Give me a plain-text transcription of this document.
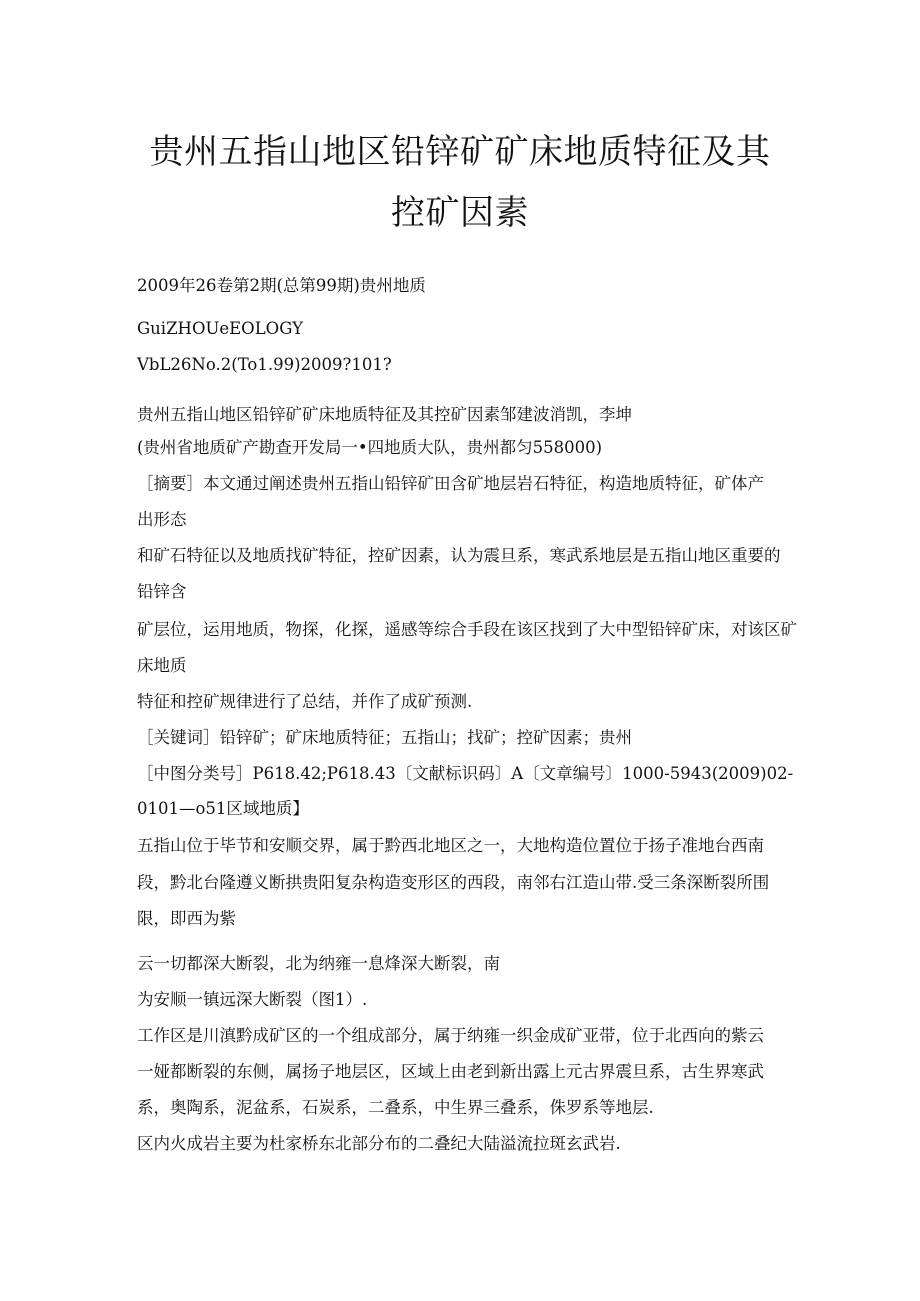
贵州五指山地区铅锌矿矿床地质特征及其
控矿因素
2009年26卷第2期(总第99期)贵州地质
GuiZHOUeEOLOGY
VbL26No.2(To1.99)2009?101?
贵州五指山地区铅锌矿矿床地质特征及其控矿因素邹建波消凯，李坤
(贵州省地质矿产勘查开发局一•四地质大队，贵州都匀558000)
［摘要］本文通过阐述贵州五指山铅锌矿田含矿地层岩石特征，构造地质特征，矿体产
出形态
和矿石特征以及地质找矿特征，控矿因素，认为震旦系，寒武系地层是五指山地区重要的
铅锌含
矿层位，运用地质，物探，化探，遥感等综合手段在该区找到了大中型铅锌矿床，对该区矿
床地质
特征和控矿规律进行了总结，并作了成矿预测.
［关键词］铅锌矿；矿床地质特征；五指山；找矿；控矿因素；贵州
［中图分类号］P618.42;P618.43〔文献标识码〕A〔文章编号〕1000-5943(2009)02-
0101—o51区域地质】
五指山位于毕节和安顺交界，属于黔西北地区之一，大地构造位置位于扬子准地台西南
段，黔北台隆遵义断拱贵阳复杂构造变形区的西段，南邻右江造山带.受三条深断裂所围
限，即西为紫
云一切都深大断裂，北为纳雍一息烽深大断裂，南
为安顺一镇远深大断裂（图1）.
工作区是川滇黔成矿区的一个组成部分，属于纳雍一织金成矿亚带，位于北西向的紫云
一娅都断裂的东侧，属扬子地层区，区域上由老到新出露上元古界震旦系，古生界寒武
系，奥陶系，泥盆系，石炭系，二叠系，中生界三叠系，侏罗系等地层.
区内火成岩主要为杜家桥东北部分布的二叠纪大陆溢流拉斑玄武岩.
